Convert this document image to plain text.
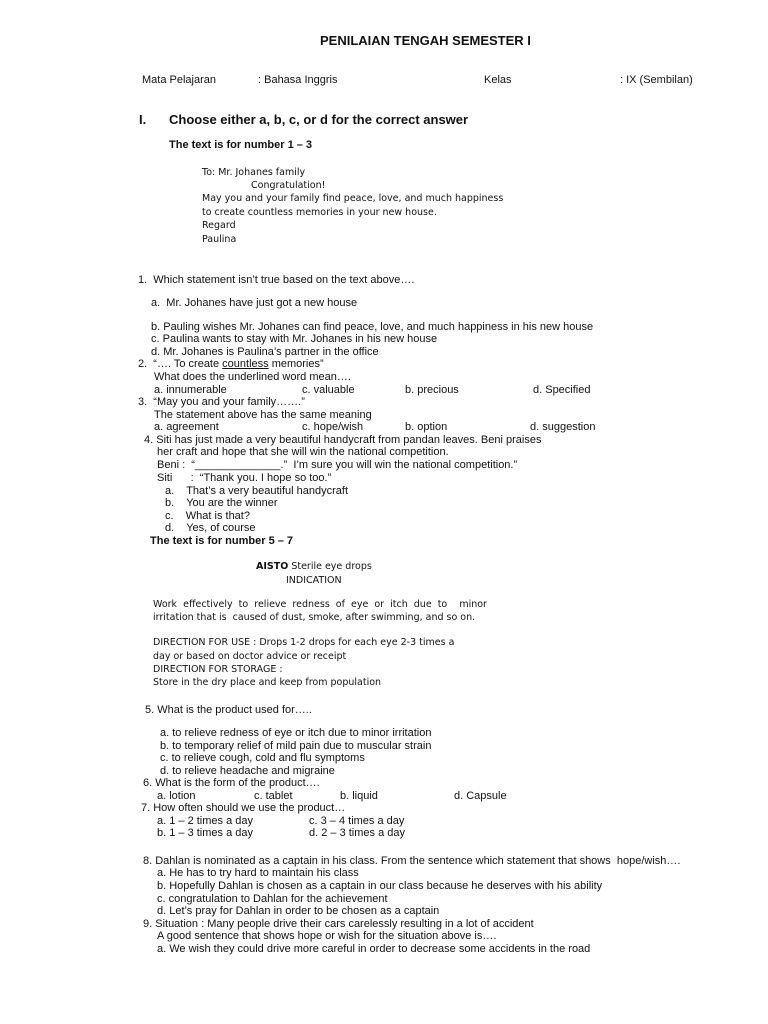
PENILAIAN TENGAH SEMESTER I
Mata Pelajaran	: Bahasa Inggris	Kelas	: IX (Sembilan)
I. Choose either a, b, c, or d for the correct answer
The text is for number 1 – 3
To: Mr. Johanes family
Congratulation!
May you and your family find peace, love, and much happiness
to create countless memories in your new house.
Regard
Paulina
1.  Which statement isn’t true based on the text above….
a.  Mr. Johanes have just got a new house
b. Pauling wishes Mr. Johanes can find peace, love, and much happiness in his new house
c. Paulina wants to stay with Mr. Johanes in his new house
d. Mr. Johanes is Paulina’s partner in the office
2.  “…. To create countless memories”
What does the underlined word mean….
a. innumerable	c. valuable	b. precious	d. Specified
3.  “May you and your family…….”
The statement above has the same meaning
a. agreement	c. hope/wish	b. option	d. suggestion
4. Siti has just made a very beautiful handycraft from pandan leaves. Beni praises
her craft and hope that she will win the national competition.
Beni :  “______________.”  I’m sure you will win the national competition.”
Siti      :  “Thank you. I hope so too.”
a.    That’s a very beautiful handycraft
b.    You are the winner
c.    What is that?
d.    Yes, of course
The text is for number 5 – 7
AISTO Sterile eye drops
INDICATION
Work  effectively  to  relieve  redness  of  eye  or  itch  due  to    minor
irritation that is  caused of dust, smoke, after swimming, and so on.
DIRECTION FOR USE : Drops 1-2 drops for each eye 2-3 times a
day or based on doctor advice or receipt
DIRECTION FOR STORAGE :
Store in the dry place and keep from population
5. What is the product used for…..
a. to relieve redness of eye or itch due to minor irritation
b. to temporary relief of mild pain due to muscular strain
c. to relieve cough, cold and flu symptoms
d. to relieve headache and migraine
6. What is the form of the product….
a. lotion	c. tablet	b. liquid	d. Capsule
7. How often should we use the product…
a. 1 – 2 times a day	c. 3 – 4 times a day
b. 1 – 3 times a day	d. 2 – 3 times a day
8. Dahlan is nominated as a captain in his class. From the sentence which statement that shows  hope/wish….
a. He has to try hard to maintain his class
b. Hopefully Dahlan is chosen as a captain in our class because he deserves with his ability
c. congratulation to Dahlan for the achievement
d. Let’s pray for Dahlan in order to be chosen as a captain
9. Situation : Many people drive their cars carelessly resulting in a lot of accident
A good sentence that shows hope or wish for the situation above is….
a. We wish they could drive more careful in order to decrease some accidents in the road
